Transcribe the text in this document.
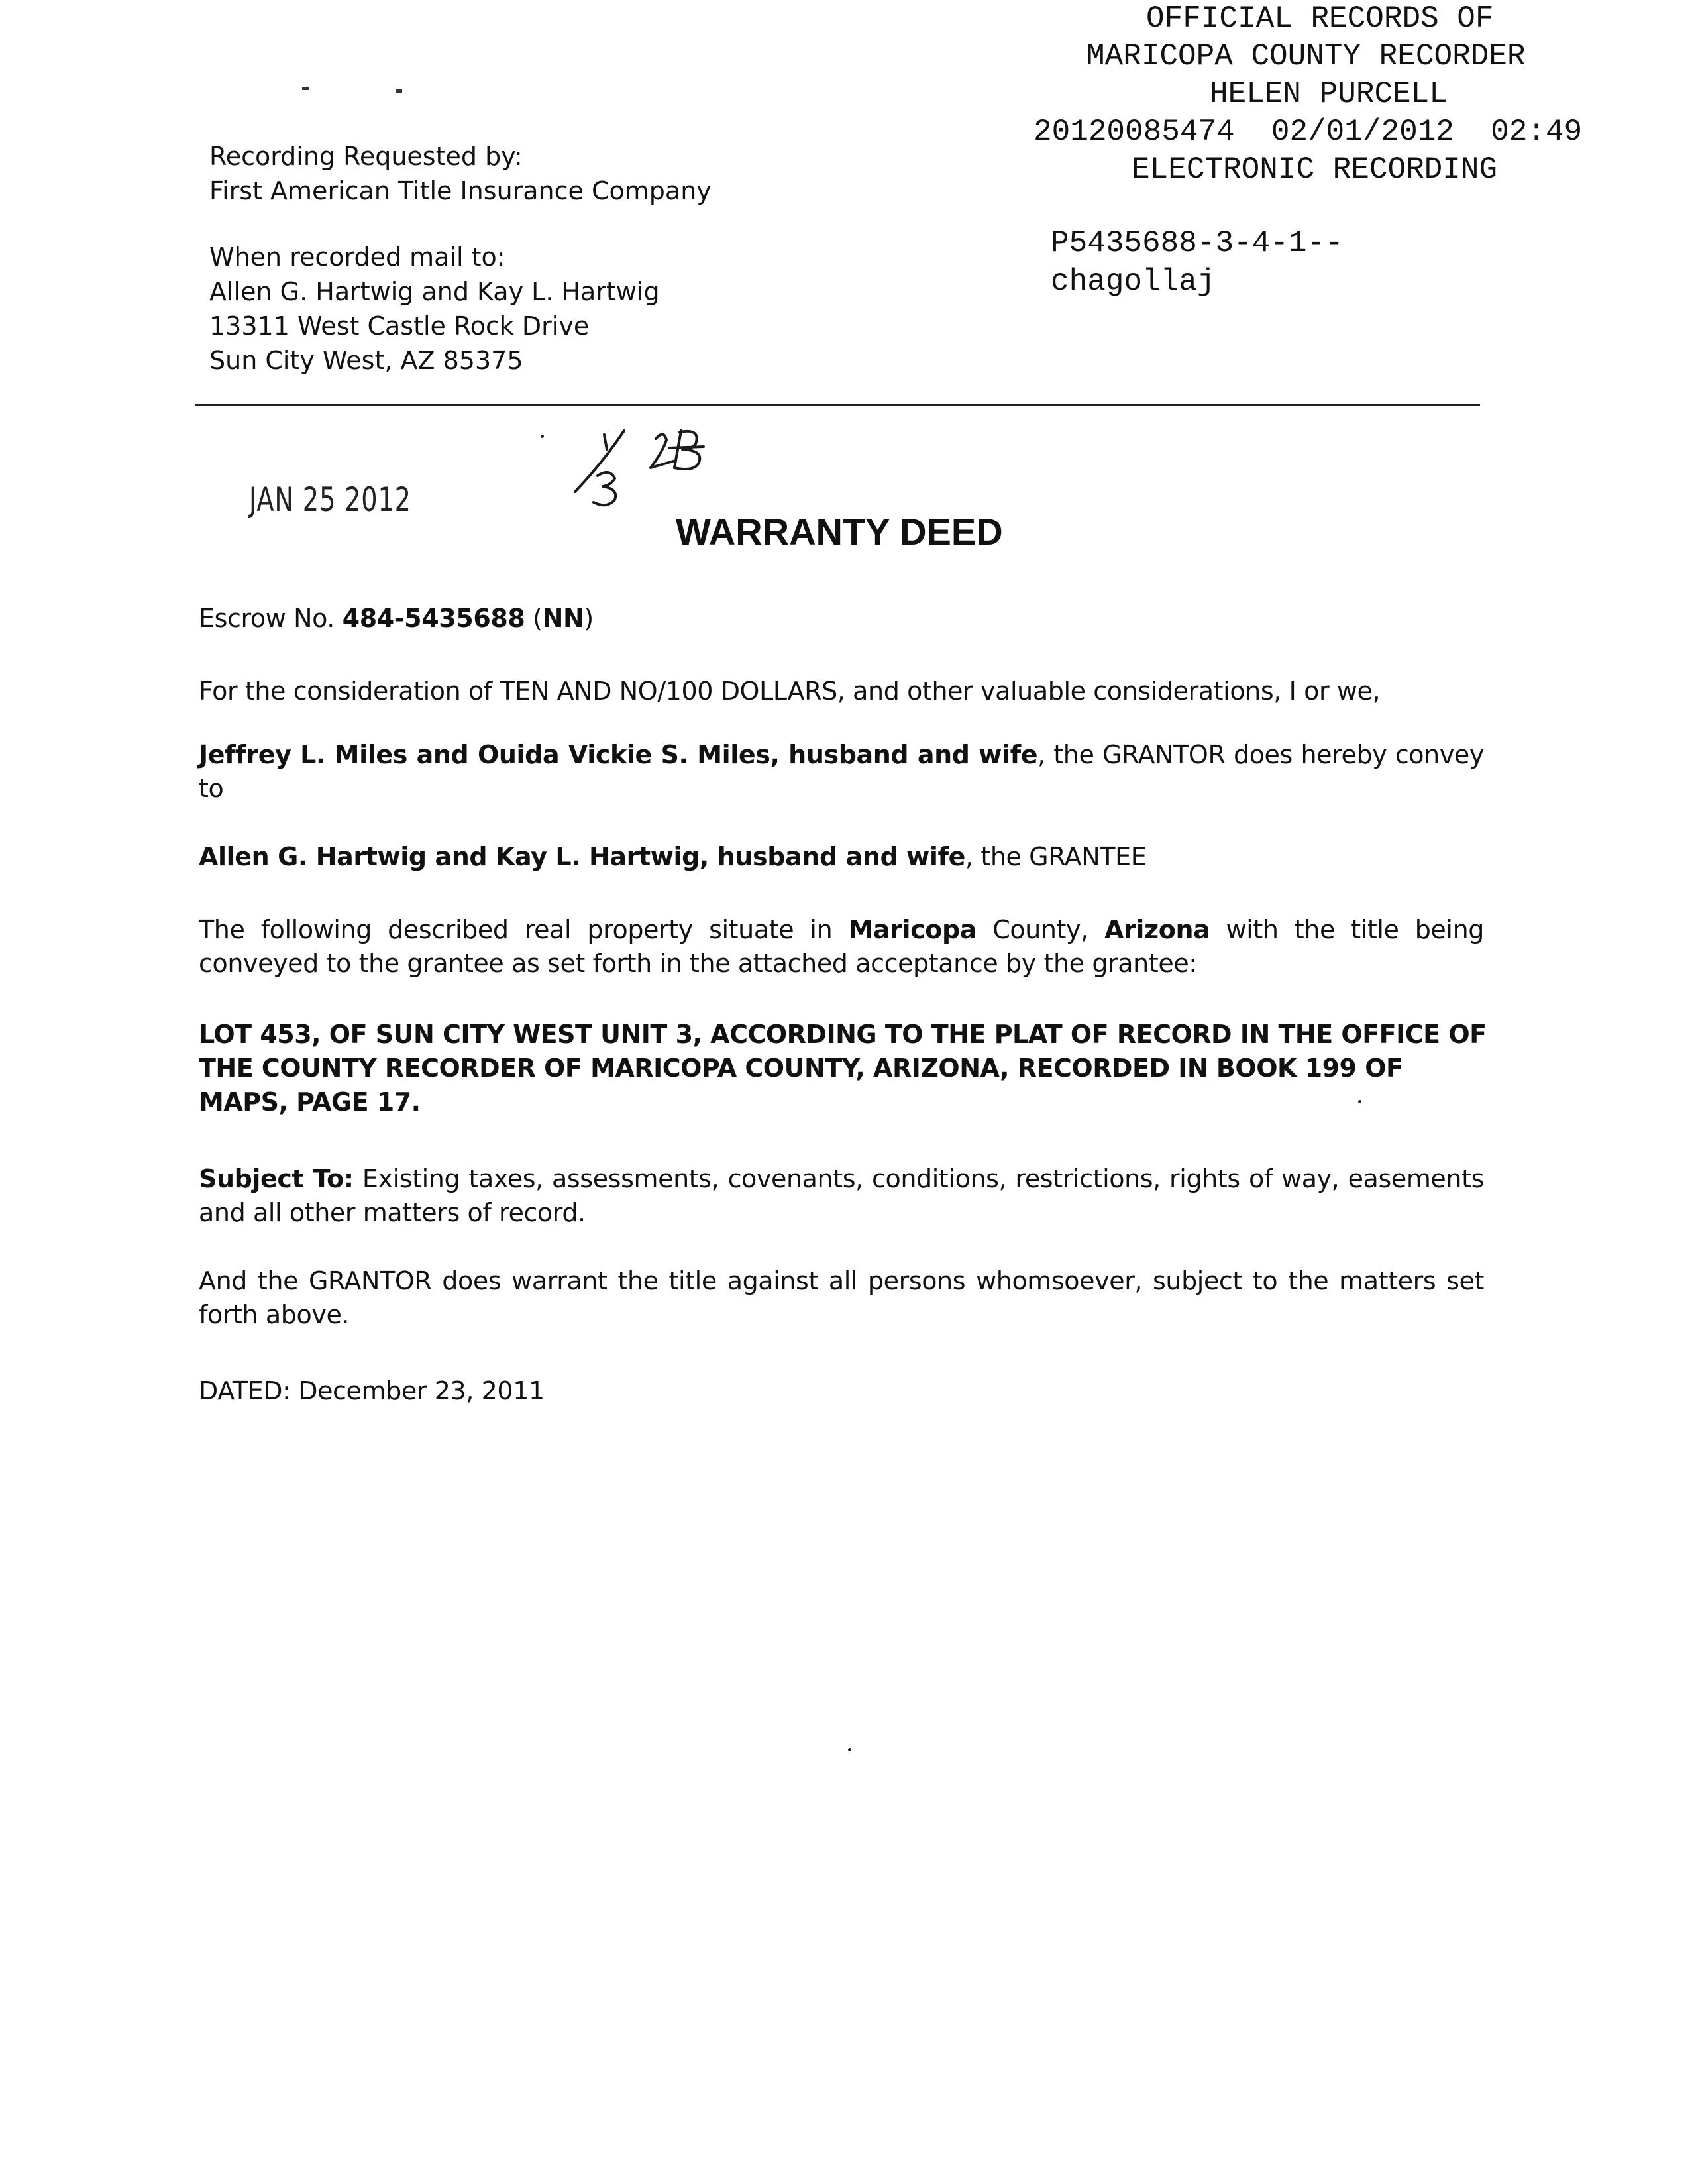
OFFICIAL RECORDS OF
MARICOPA COUNTY RECORDER
HELEN PURCELL
20120085474  02/01/2012  02:49
ELECTRONIC RECORDING
P5435688-3-4-1--
chagollaj
Recording Requested by:
First American Title Insurance Company
When recorded mail to:
Allen G. Hartwig and Kay L. Hartwig
13311 West Castle Rock Drive
Sun City West, AZ 85375
JAN 25 2012
WARRANTY DEED
Escrow No. 484-5435688 (NN)
For the consideration of TEN AND NO/100 DOLLARS, and other valuable considerations, I or we,
Jeffrey L. Miles and Ouida Vickie S. Miles, husband and wife, the GRANTOR does hereby convey to
Allen G. Hartwig and Kay L. Hartwig, husband and wife, the GRANTEE
The following described real property situate in Maricopa County, Arizona with the title being conveyed to the grantee as set forth in the attached acceptance by the grantee:
LOT 453, OF SUN CITY WEST UNIT 3, ACCORDING TO THE PLAT OF RECORD IN THE OFFICE OF THE COUNTY RECORDER OF MARICOPA COUNTY, ARIZONA, RECORDED IN BOOK 199 OF MAPS, PAGE 17.
Subject To: Existing taxes, assessments, covenants, conditions, restrictions, rights of way, easements and all other matters of record.
And the GRANTOR does warrant the title against all persons whomsoever, subject to the matters set forth above.
DATED: December 23, 2011
